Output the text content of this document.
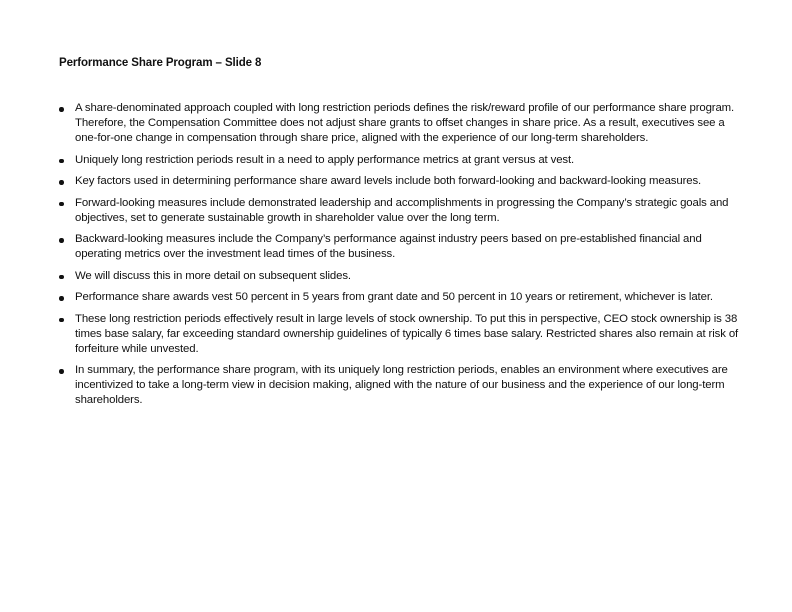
Performance Share Program – Slide 8
A share-denominated approach coupled with long restriction periods defines the risk/reward profile of our performance share program. Therefore, the Compensation Committee does not adjust share grants to offset changes in share price. As a result, executives see a one-for-one change in compensation through share price, aligned with the experience of our long-term shareholders.
Uniquely long restriction periods result in a need to apply performance metrics at grant versus at vest.
Key factors used in determining performance share award levels include both forward-looking and backward-looking measures.
Forward-looking measures include demonstrated leadership and accomplishments in progressing the Company’s strategic goals and objectives, set to generate sustainable growth in shareholder value over the long term.
Backward-looking measures include the Company’s performance against industry peers based on pre-established financial and operating metrics over the investment lead times of the business.
We will discuss this in more detail on subsequent slides.
Performance share awards vest 50 percent in 5 years from grant date and 50 percent in 10 years or retirement, whichever is later.
These long restriction periods effectively result in large levels of stock ownership. To put this in perspective, CEO stock ownership is 38 times base salary, far exceeding standard ownership guidelines of typically 6 times base salary. Restricted shares also remain at risk of forfeiture while unvested.
In summary, the performance share program, with its uniquely long restriction periods, enables an environment where executives are incentivized to take a long-term view in decision making, aligned with the nature of our business and the experience of our long-term shareholders.
